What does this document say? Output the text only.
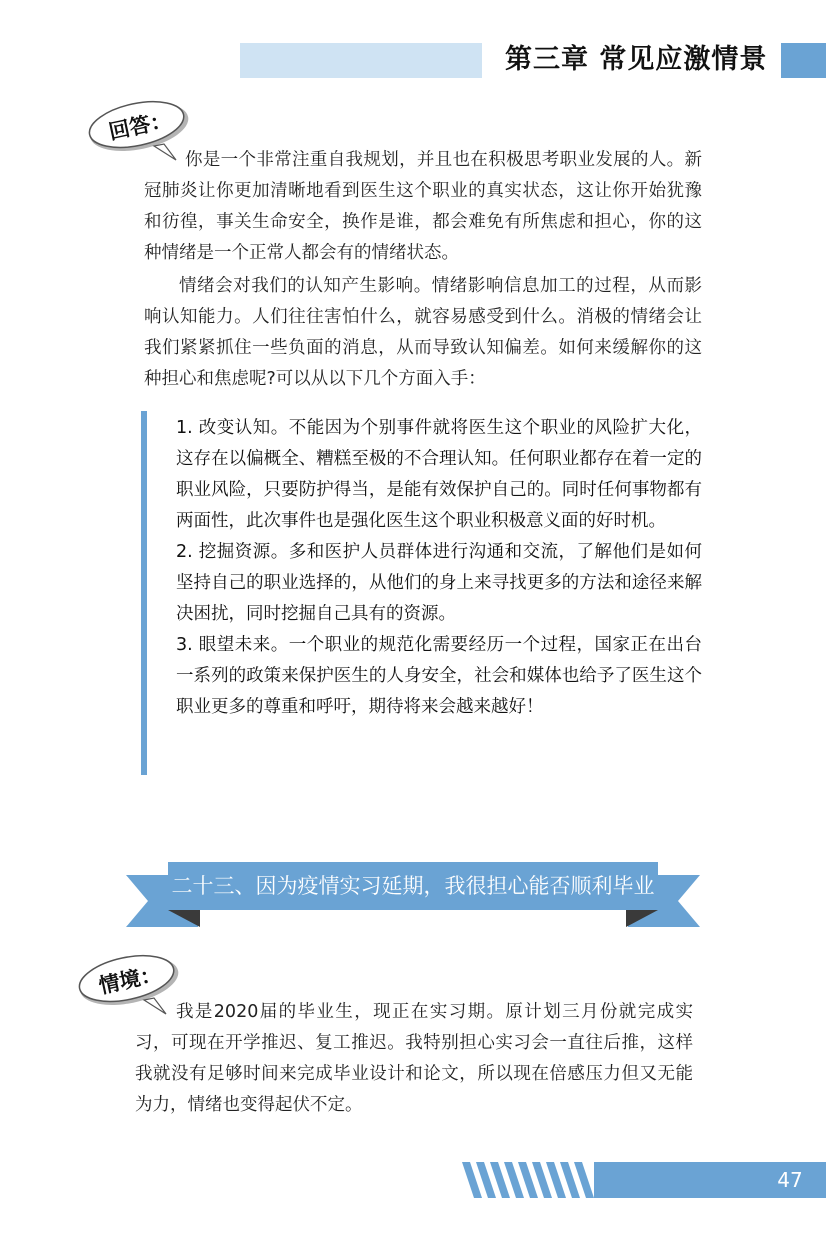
第三章 常见应激情景
回答：
你是一个非常注重自我规划，并且也在积极思考职业发展的人。新冠肺炎让你更加清晰地看到医生这个职业的真实状态，这让你开始犹豫和彷徨，事关生命安全，换作是谁，都会难免有所焦虑和担心，你的这种情绪是一个正常人都会有的情绪状态。
情绪会对我们的认知产生影响。情绪影响信息加工的过程，从而影响认知能力。人们往往害怕什么，就容易感受到什么。消极的情绪会让我们紧紧抓住一些负面的消息，从而导致认知偏差。如何来缓解你的这种担心和焦虑呢?可以从以下几个方面入手：

1. 改变认知。不能因为个别事件就将医生这个职业的风险扩大化，这存在以偏概全、糟糕至极的不合理认知。任何职业都存在着一定的职业风险，只要防护得当，是能有效保护自己的。同时任何事物都有两面性，此次事件也是强化医生这个职业积极意义面的好时机。

2. 挖掘资源。多和医护人员群体进行沟通和交流，了解他们是如何坚持自己的职业选择的，从他们的身上来寻找更多的方法和途径来解决困扰，同时挖掘自己具有的资源。

3. 眼望未来。一个职业的规范化需要经历一个过程，国家正在出台一系列的政策来保护医生的人身安全，社会和媒体也给予了医生这个职业更多的尊重和呼吁，期待将来会越来越好！

二十三、因为疫情实习延期，我很担心能否顺利毕业
情境：
我是2020届的毕业生，现正在实习期。原计划三月份就完成实习，可现在开学推迟、复工推迟。我特别担心实习会一直往后推，这样我就没有足够时间来完成毕业设计和论文，所以现在倍感压力但又无能为力，情绪也变得起伏不定。
47
